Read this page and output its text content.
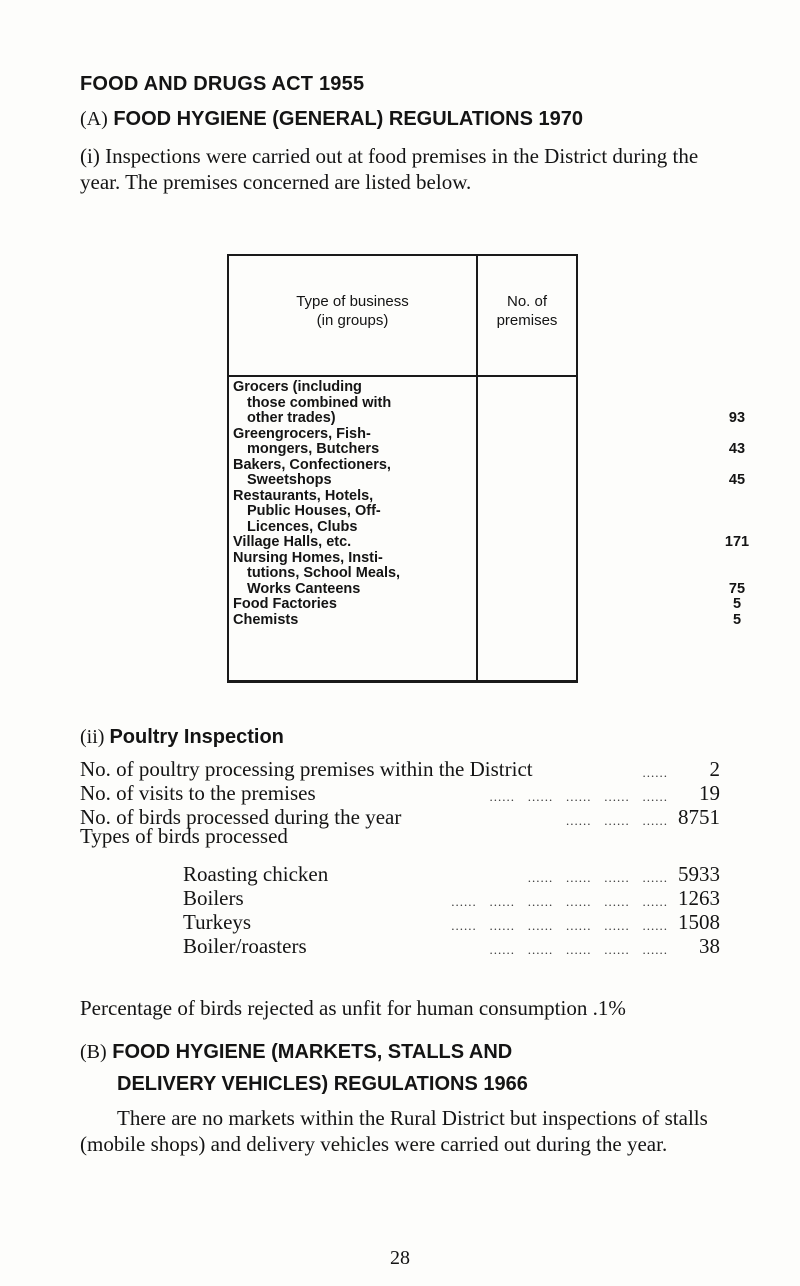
FOOD AND DRUGS ACT 1955
(A) FOOD HYGIENE (GENERAL) REGULATIONS 1970
(i) Inspections were carried out at food premises in the District during the year. The premises concerned are listed below.
Type of business
(in groups)
No. of
premises
Grocers (including
those combined with
other trades)	93
Greengrocers, Fish-
mongers, Butchers	43
Bakers, Confectioners,
Sweetshops	45
Restaurants, Hotels,
Public Houses, Off-
Licences, Clubs
Village Halls, etc.	171
Nursing Homes, Insti-
tutions, School Meals,
Works Canteens	75
Food Factories	5
Chemists	5
(ii) Poultry Inspection
No. of poultry processing premises within the District	...... 2
No. of visits to the premises	......   ......   ......   ......   ...... 19
No. of birds processed during the year	......   ......   ...... 8751
Types of birds processed
Roasting chicken	......   ......   ......   ...... 5933
Boilers	......   ......   ......   ......   ......   ...... 1263
Turkeys	......   ......   ......   ......   ......   ...... 1508
Boiler/roasters	......   ......   ......   ......   ...... 38
Percentage of birds rejected as unfit for human consumption .1%
(B) FOOD HYGIENE (MARKETS, STALLS AND
DELIVERY VEHICLES) REGULATIONS 1966
There are no markets within the Rural District but inspections of stalls (mobile shops) and delivery vehicles were carried out during the year.
28
